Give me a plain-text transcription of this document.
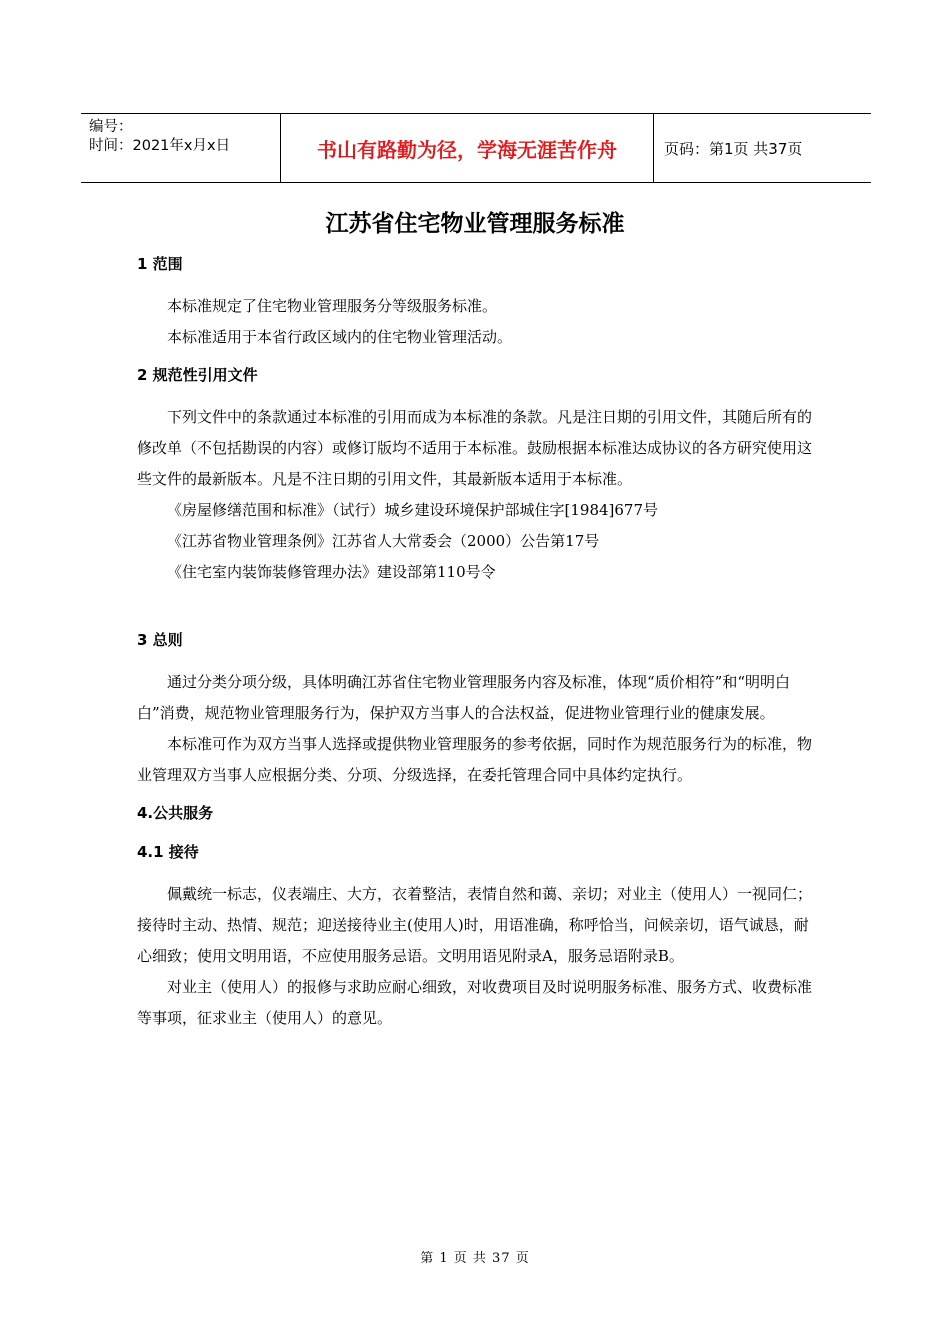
编号：
时间：2021年x月x日	书山有路勤为径，学海无涯苦作舟	页码：第1页 共37页
江苏省住宅物业管理服务标准
1 范围

本标准规定了住宅物业管理服务分等级服务标准。

本标准适用于本省行政区域内的住宅物业管理活动。

2 规范性引用文件

下列文件中的条款通过本标准的引用而成为本标准的条款。凡是注日期的引用文件，其随后所有的修改单（不包括勘误的内容）或修订版均不适用于本标准。鼓励根据本标准达成协议的各方研究使用这些文件的最新版本。凡是不注日期的引用文件，其最新版本适用于本标准。

《房屋修缮范围和标准》（试行）城乡建设环境保护部城住字[1984]677号

《江苏省物业管理条例》江苏省人大常委会（2000）公告第17号

《住宅室内装饰装修管理办法》建设部第110号令

3 总则

通过分类分项分级，具体明确江苏省住宅物业管理服务内容及标准，体现“质价相符”和“明明白白”消费，规范物业管理服务行为，保护双方当事人的合法权益，促进物业管理行业的健康发展。

本标准可作为双方当事人选择或提供物业管理服务的参考依据，同时作为规范服务行为的标准，物业管理双方当事人应根据分类、分项、分级选择，在委托管理合同中具体约定执行。

4.公共服务
4.1 接待

佩戴统一标志，仪表端庄、大方，衣着整洁，表情自然和蔼、亲切；对业主（使用人）一视同仁；接待时主动、热情、规范；迎送接待业主(使用人)时，用语准确，称呼恰当，问候亲切，语气诚恳，耐心细致；使用文明用语，不应使用服务忌语。文明用语见附录A，服务忌语附录B。

对业主（使用人）的报修与求助应耐心细致，对收费项目及时说明服务标准、服务方式、收费标准等事项，征求业主（使用人）的意见。

第 1 页 共 37 页
